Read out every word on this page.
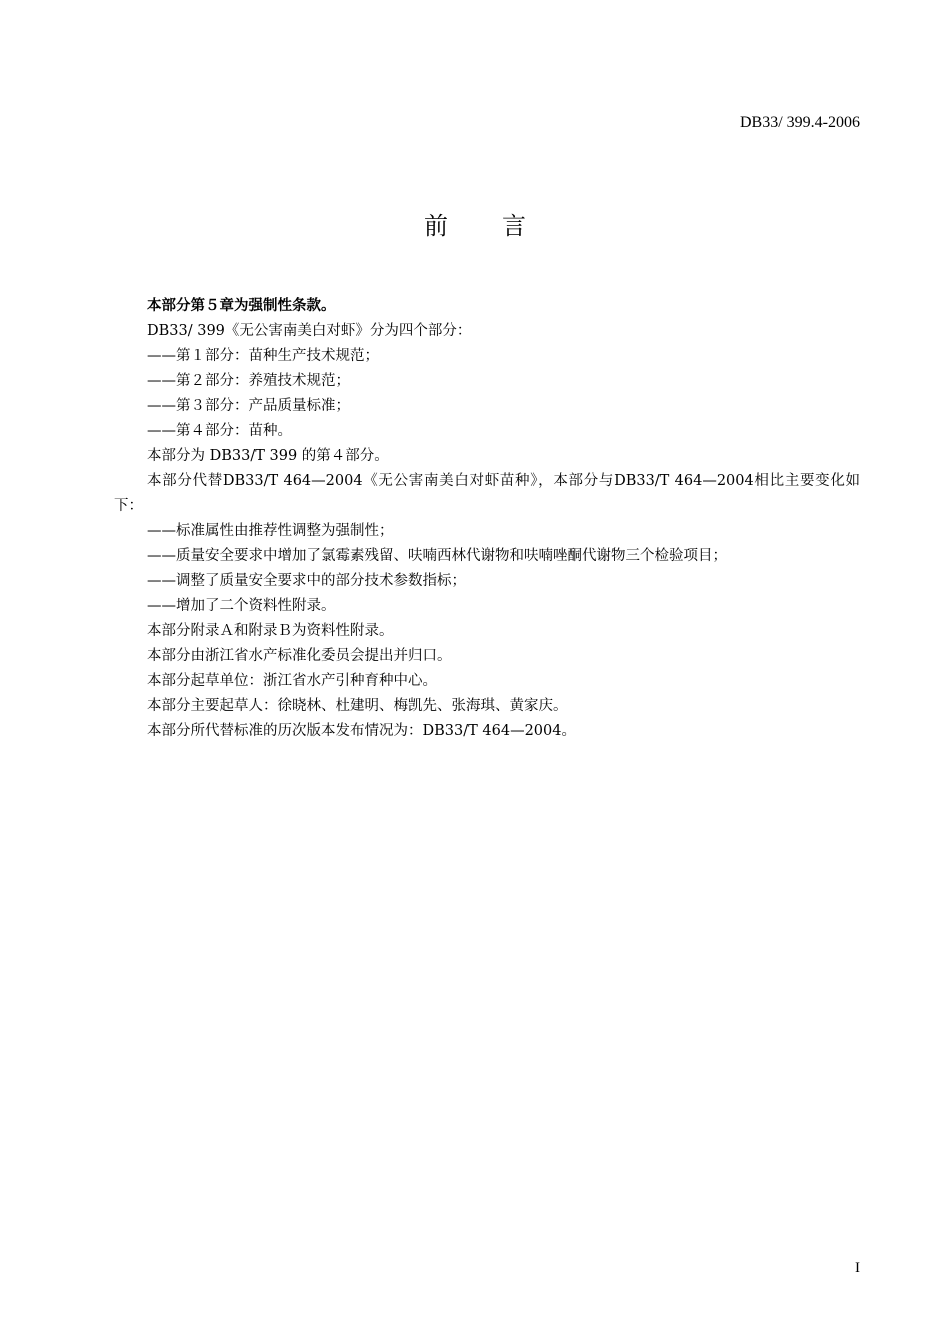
DB33/ 399.4-2006
前言

本部分第５章为强制性条款。

DB33/ 399《无公害南美白对虾》分为四个部分：

——第１部分：苗种生产技术规范；

——第２部分：养殖技术规范；

——第３部分：产品质量标准；

——第４部分：苗种。

本部分为 DB33/T 399 的第４部分。

本部分代替DB33/T 464—2004《无公害南美白对虾苗种》，本部分与DB33/T 464—2004相比主要变化如下：

——标准属性由推荐性调整为强制性；

——质量安全要求中增加了氯霉素残留、呋喃西林代谢物和呋喃唑酮代谢物三个检验项目；

——调整了质量安全要求中的部分技术参数指标；

——增加了二个资料性附录。

本部分附录Ａ和附录Ｂ为资料性附录。

本部分由浙江省水产标准化委员会提出并归口。

本部分起草单位：浙江省水产引种育种中心。

本部分主要起草人：徐晓林、杜建明、梅凯先、张海琪、黄家庆。

本部分所代替标准的历次版本发布情况为：DB33/T 464—2004。

I
